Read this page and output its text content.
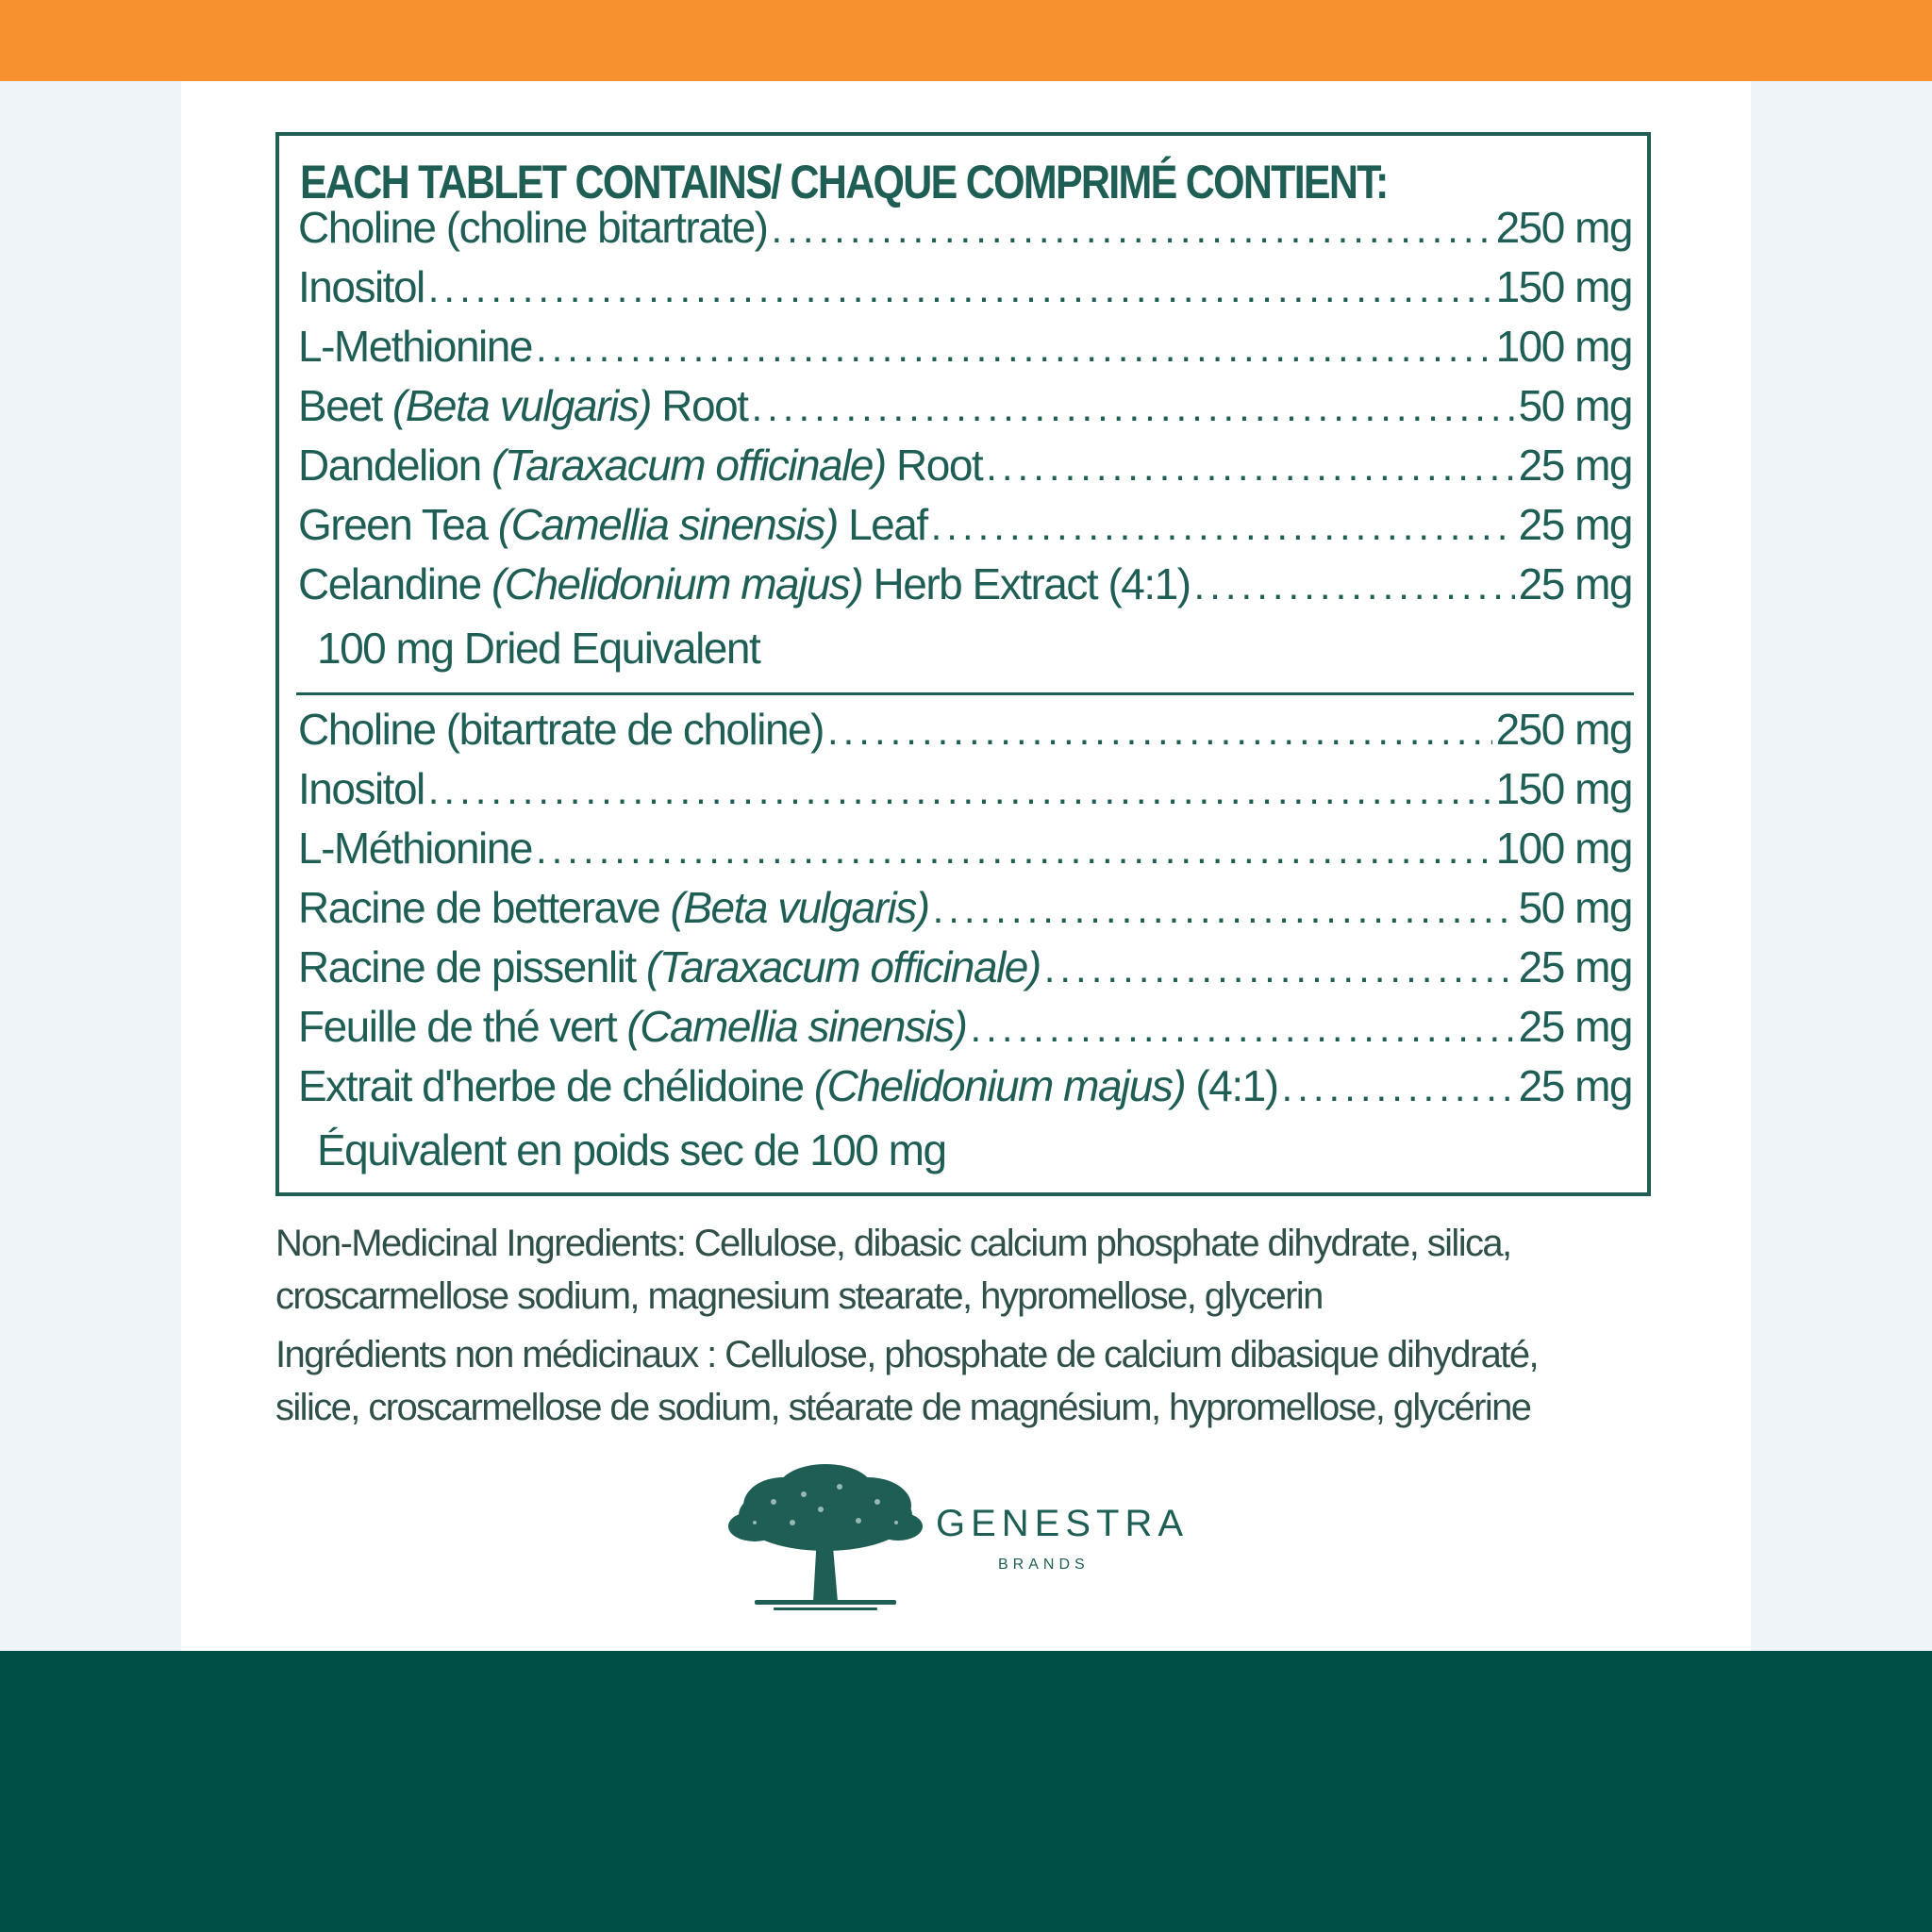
EACH TABLET CONTAINS/ CHAQUE COMPRIMÉ CONTIENT:
Choline (choline bitartrate) .....	250 mg
Inositol .....	150 mg
L-Methionine .....	100 mg
Beet (Beta vulgaris) Root .....	50 mg
Dandelion (Taraxacum officinale) Root .....	25 mg
Green Tea (Camellia sinensis) Leaf .....	25 mg
Celandine (Chelidonium majus) Herb Extract (4:1) .....	25 mg
100 mg Dried Equivalent
Choline (bitartrate de choline) .....	250 mg
Inositol .....	150 mg
L-Méthionine .....	100 mg
Racine de betterave (Beta vulgaris) .....	50 mg
Racine de pissenlit (Taraxacum officinale) .....	25 mg
Feuille de thé vert (Camellia sinensis) .....	25 mg
Extrait d'herbe de chélidoine (Chelidonium majus) (4:1) .....	25 mg
Équivalent en poids sec de 100 mg
Non-Medicinal Ingredients: Cellulose, dibasic calcium phosphate dihydrate, silica,
croscarmellose sodium, magnesium stearate, hypromellose, glycerin
Ingrédients non médicinaux : Cellulose, phosphate de calcium dibasique dihydraté,
silice, croscarmellose de sodium, stéarate de magnésium, hypromellose, glycérine
GENESTRA
BRANDS
